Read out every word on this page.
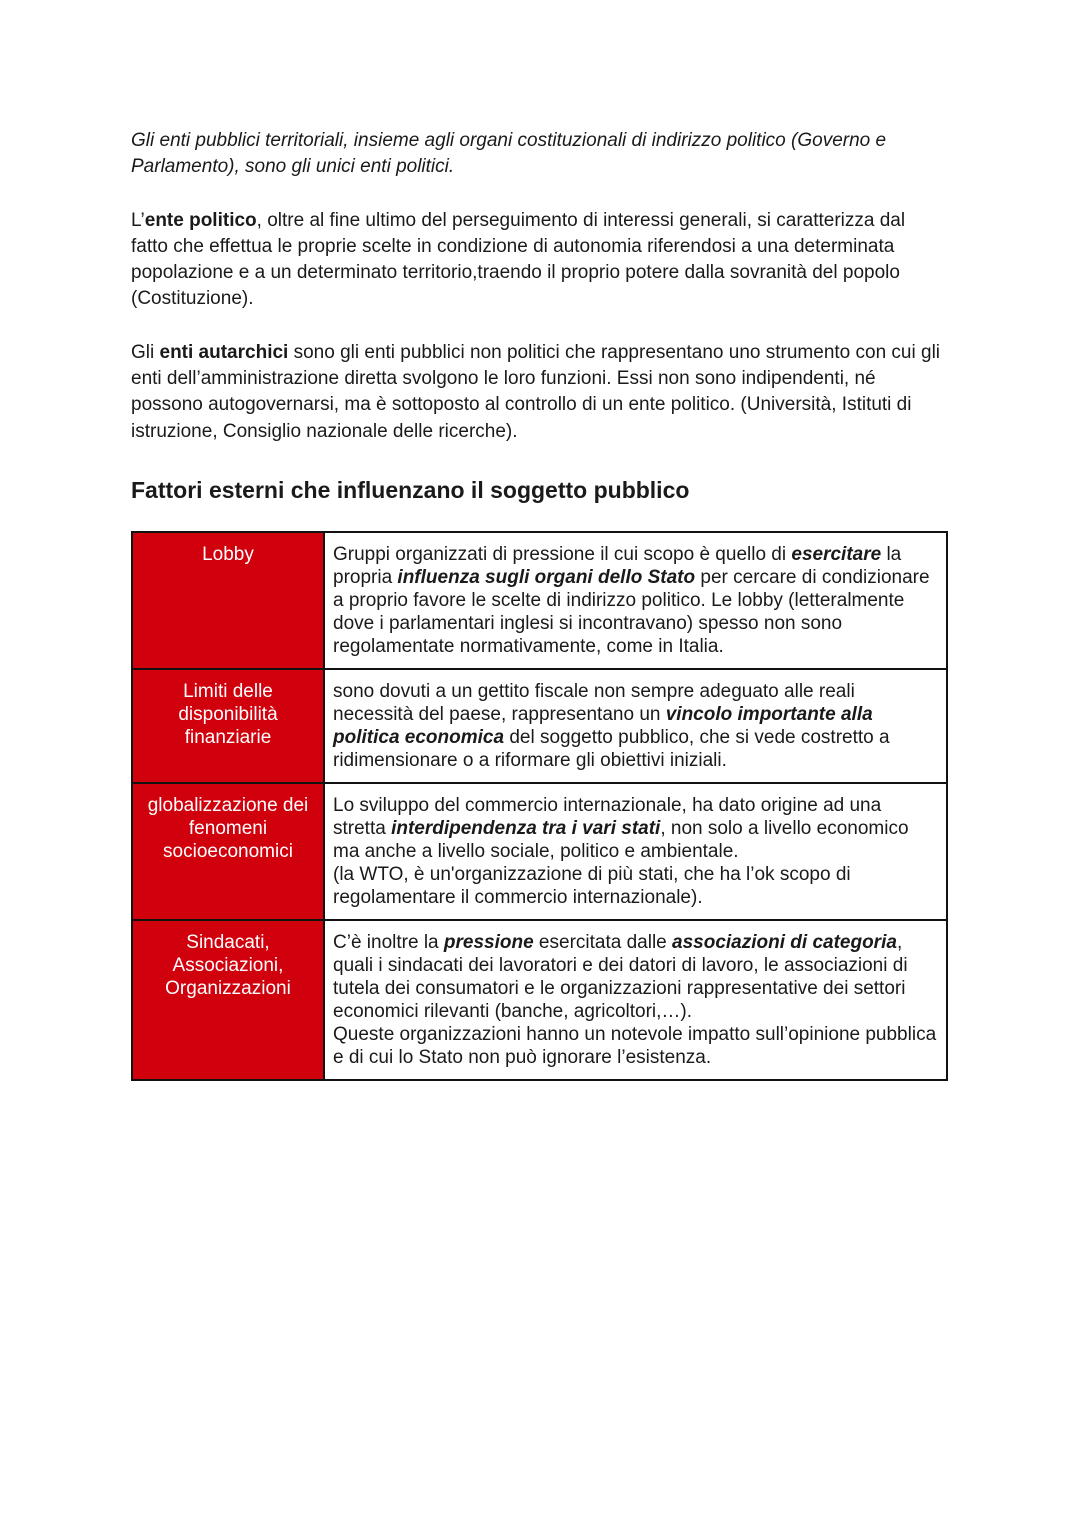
Gli enti pubblici territoriali, insieme agli organi costituzionali di indirizzo politico (Governo e Parlamento), sono gli unici enti politici.

L’ente politico, oltre al fine ultimo del perseguimento di interessi generali, si caratterizza dal fatto che effettua le proprie scelte in condizione di autonomia riferendosi a una determinata popolazione e a un determinato territorio,traendo il proprio potere dalla sovranità del popolo (Costituzione).

Gli enti autarchici sono gli enti pubblici non politici che rappresentano uno strumento con cui gli enti dell’amministrazione diretta svolgono le loro funzioni. Essi non sono indipendenti, né possono autogovernarsi, ma è sottoposto al controllo di un ente politico. (Università, Istituti di istruzione, Consiglio nazionale delle ricerche).

Fattori esterni che influenzano il soggetto pubblico
Lobby	Gruppi organizzati di pressione il cui scopo è quello di esercitare la propria influenza sugli organi dello Stato per cercare di condizionare a proprio favore le scelte di indirizzo politico. Le lobby (letteralmente dove i parlamentari inglesi si incontravano) spesso non sono regolamentate normativamente, come in Italia.
Limiti delle disponibilità finanziarie	sono dovuti a un gettito fiscale non sempre adeguato alle reali necessità del paese, rappresentano un vincolo importante alla politica economica del soggetto pubblico, che si vede costretto a ridimensionare o a riformare gli obiettivi iniziali.
globalizzazione dei fenomeni socioeconomici	Lo sviluppo del commercio internazionale, ha dato origine ad una stretta interdipendenza tra i vari stati, non solo a livello economico ma anche a livello sociale, politico e ambientale.
(la WTO, è un'organizzazione di più stati, che ha l’ok scopo di regolamentare il commercio internazionale).
Sindacati, Associazioni, Organizzazioni	C’è inoltre la pressione esercitata dalle associazioni di categoria, quali i sindacati dei lavoratori e dei datori di lavoro, le associazioni di tutela dei consumatori e le organizzazioni rappresentative dei settori economici rilevanti (banche, agricoltori,…).
Queste organizzazioni hanno un notevole impatto sull’opinione pubblica e di cui lo Stato non può ignorare l’esistenza.
